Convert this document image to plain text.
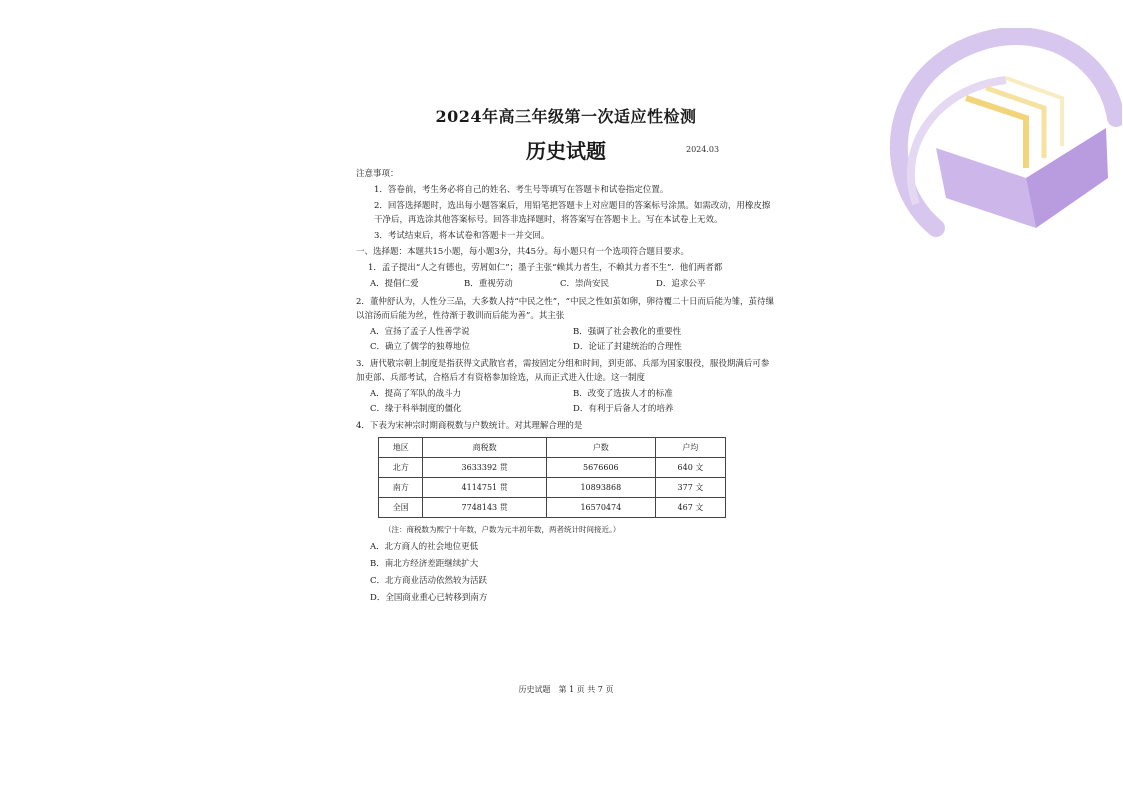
2024年高三年级第一次适应性检测
历史试题	2024.03
注意事项：
1．答卷前，考生务必将自己的姓名、考生号等填写在答题卡和试卷指定位置。
2．回答选择题时，选出每小题答案后，用铅笔把答题卡上对应题目的答案标号涂黑。如需改动，用橡皮擦干净后，再选涂其他答案标号。回答非选择题时，将答案写在答题卡上。写在本试卷上无效。
3．考试结束后，将本试卷和答题卡一并交回。
一、选择题：本题共15小题，每小题3分，共45分。每小题只有一个选项符合题目要求。
1．孟子提出“人之有德也，劳屑如仁”；墨子主张“赖其力者生，不赖其力者不生”．他们两者都
A．提倡仁爱	B．重视劳动	C．崇尚安民	D．追求公平
2．董仲舒认为，人性分三品，大多数人持“中民之性”，“中民之性如茧如卵，卵待覆二十日而后能为雏，茧待缫以涫汤而后能为丝，性待渐于教训而后能为善”。其主张
A．宣扬了孟子人性善学说	B．强调了社会教化的重要性
C．确立了儒学的独尊地位	D．论证了封建统治的合理性
3．唐代敬宗朝上制度是指获得文武散官者，需按固定分组和时间，到吏部、兵部为国家服役，服役期满后可参加吏部、兵部考试，合格后才有资格参加铨选，从而正式进入仕途。这一制度
A．提高了军队的战斗力	B．改变了选拔人才的标准
C．缘于科举制度的僵化	D．有利于后备人才的培养
4．下表为宋神宗时期商税数与户数统计。对其理解合理的是
地区	商税数	户数	户均
北方	3633392 贯	5676606	640 文
南方	4114751 贯	10893868	377 文
全国	7748143 贯	16570474	467 文
（注：商税数为熙宁十年数，户数为元丰初年数，两者统计时间接近。）
A．北方商人的社会地位更低
B．南北方经济差距继续扩大
C．北方商业活动依然较为活跃
D．全国商业重心已转移到南方
历史试题　第 1 页 共 7 页
